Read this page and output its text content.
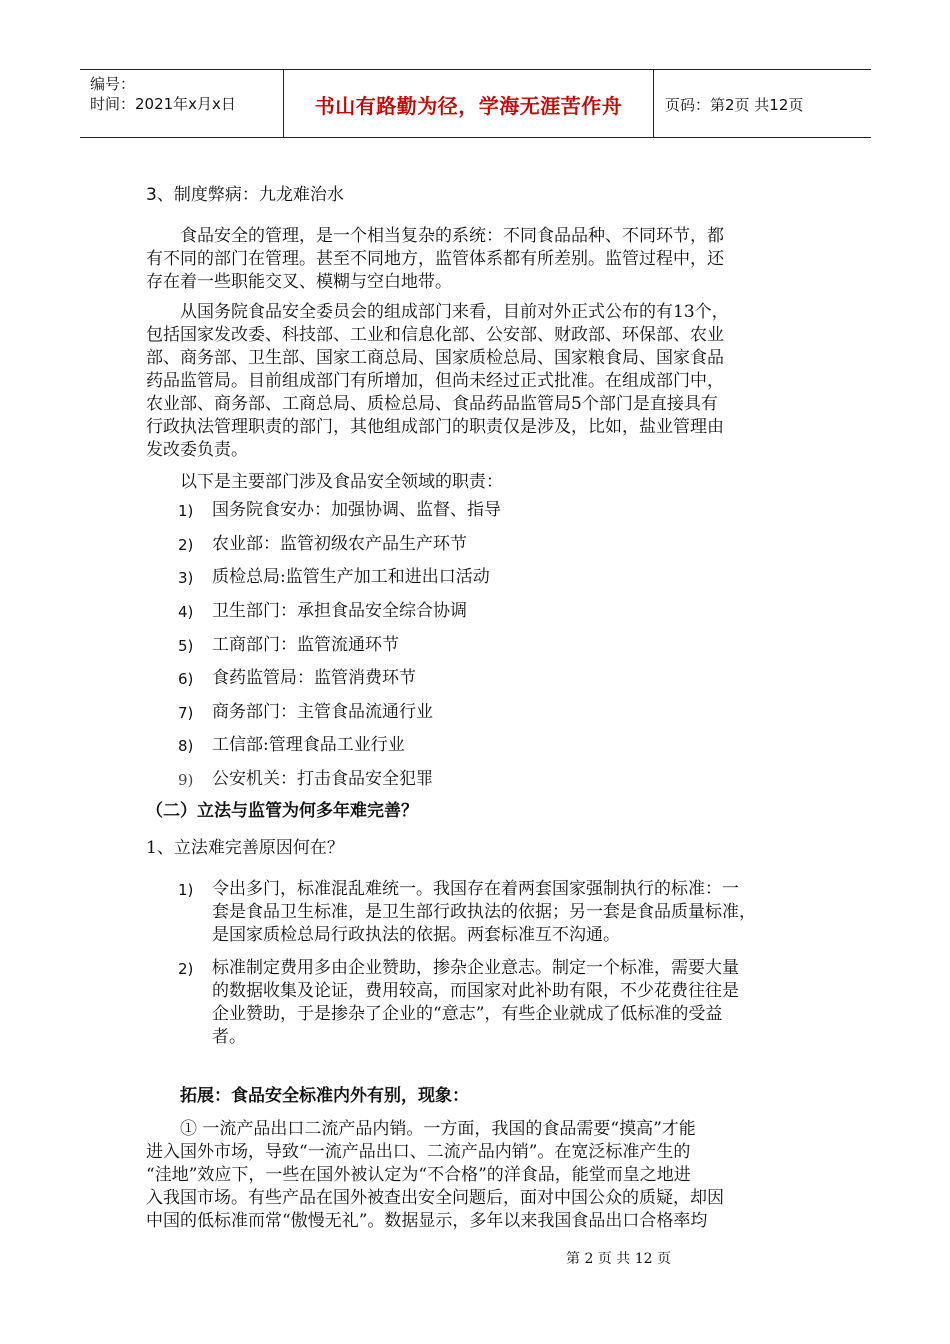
编号：
时间：2021年x月x日	书山有路勤为径，学海无涯苦作舟	页码：第2页 共12页
3、制度弊病：九龙难治水
食品安全的管理，是一个相当复杂的系统：不同食品品种、不同环节，都
有不同的部门在管理。甚至不同地方，监管体系都有所差别。监管过程中，还
存在着一些职能交叉、模糊与空白地带。
从国务院食品安全委员会的组成部门来看，目前对外正式公布的有13个，
包括国家发改委、科技部、工业和信息化部、公安部、财政部、环保部、农业
部、商务部、卫生部、国家工商总局、国家质检总局、国家粮食局、国家食品
药品监管局。目前组成部门有所增加，但尚未经过正式批准。在组成部门中，
农业部、商务部、工商总局、质检总局、食品药品监管局5个部门是直接具有
行政执法管理职责的部门，其他组成部门的职责仅是涉及，比如，盐业管理由
发改委负责。
以下是主要部门涉及食品安全领域的职责：
1) 国务院食安办：加强协调、监督、指导
2) 农业部：监管初级农产品生产环节
3) 质检总局:监管生产加工和进出口活动
4) 卫生部门：承担食品安全综合协调
5) 工商部门：监管流通环节
6) 食药监管局：监管消费环节
7) 商务部门：主管食品流通行业
8) 工信部:管理食品工业行业
9) 公安机关：打击食品安全犯罪
（二）立法与监管为何多年难完善？
1、立法难完善原因何在？
1) 令出多门，标准混乱难统一。我国存在着两套国家强制执行的标准：一
套是食品卫生标准，是卫生部行政执法的依据；另一套是食品质量标准，
是国家质检总局行政执法的依据。两套标准互不沟通。
2) 标准制定费用多由企业赞助，掺杂企业意志。制定一个标准，需要大量
的数据收集及论证，费用较高，而国家对此补助有限，不少花费往往是
企业赞助，于是掺杂了企业的“意志”，有些企业就成了低标准的受益
者。
拓展：食品安全标准内外有别，现象：
① 一流产品出口二流产品内销。一方面，我国的食品需要“摸高”才能
进入国外市场，导致“一流产品出口、二流产品内销”。在宽泛标准产生的
“洼地”效应下，一些在国外被认定为“不合格”的洋食品，能堂而皇之地进
入我国市场。有些产品在国外被查出安全问题后，面对中国公众的质疑，却因
中国的低标准而常“傲慢无礼”。数据显示，多年以来我国食品出口合格率均
第 2 页 共 12 页
